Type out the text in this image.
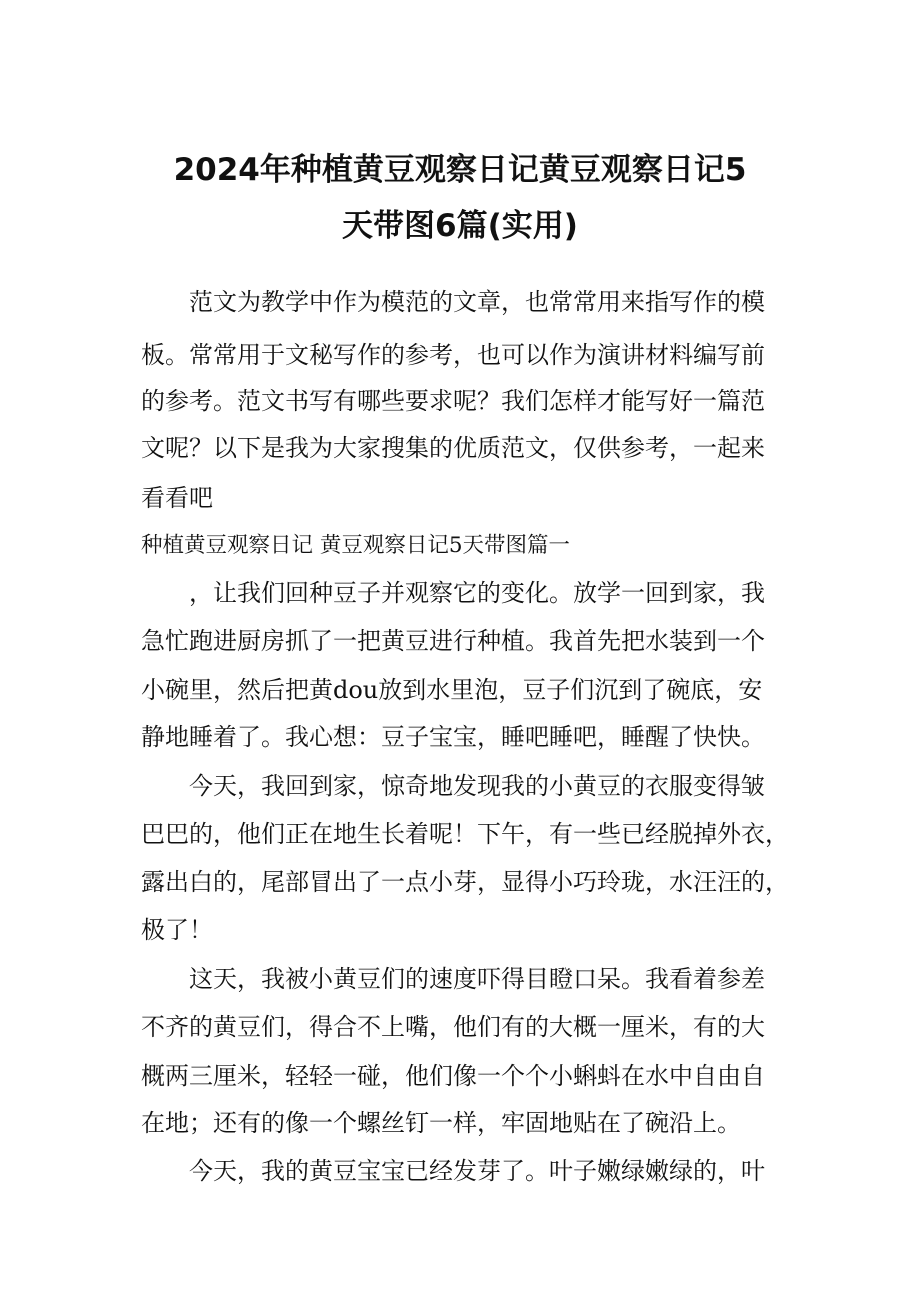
2024年种植黄豆观察日记黄豆观察日记5
天带图6篇(实用)

范文为教学中作为模范的文章，也常常用来指写作的模

板。常常用于文秘写作的参考，也可以作为演讲材料编写前

的参考。范文书写有哪些要求呢？我们怎样才能写好一篇范

文呢？以下是我为大家搜集的优质范文，仅供参考，一起来

看看吧

种植黄豆观察日记 黄豆观察日记5天带图篇一

，让我们回种豆子并观察它的变化。放学一回到家，我

急忙跑进厨房抓了一把黄豆进行种植。我首先把水装到一个

小碗里，然后把黄dou放到水里泡，豆子们沉到了碗底，安

静地睡着了。我心想：豆子宝宝，睡吧睡吧，睡醒了快快。

今天，我回到家，惊奇地发现我的小黄豆的衣服变得皱

巴巴的，他们正在地生长着呢！下午，有一些已经脱掉外衣，

露出白的，尾部冒出了一点小芽，显得小巧玲珑，水汪汪的，

极了！

这天，我被小黄豆们的速度吓得目瞪口呆。我看着参差

不齐的黄豆们，得合不上嘴，他们有的大概一厘米，有的大

概两三厘米，轻轻一碰，他们像一个个小蝌蚪在水中自由自

在地；还有的像一个螺丝钉一样，牢固地贴在了碗沿上。

今天，我的黄豆宝宝已经发芽了。叶子嫩绿嫩绿的，叶
